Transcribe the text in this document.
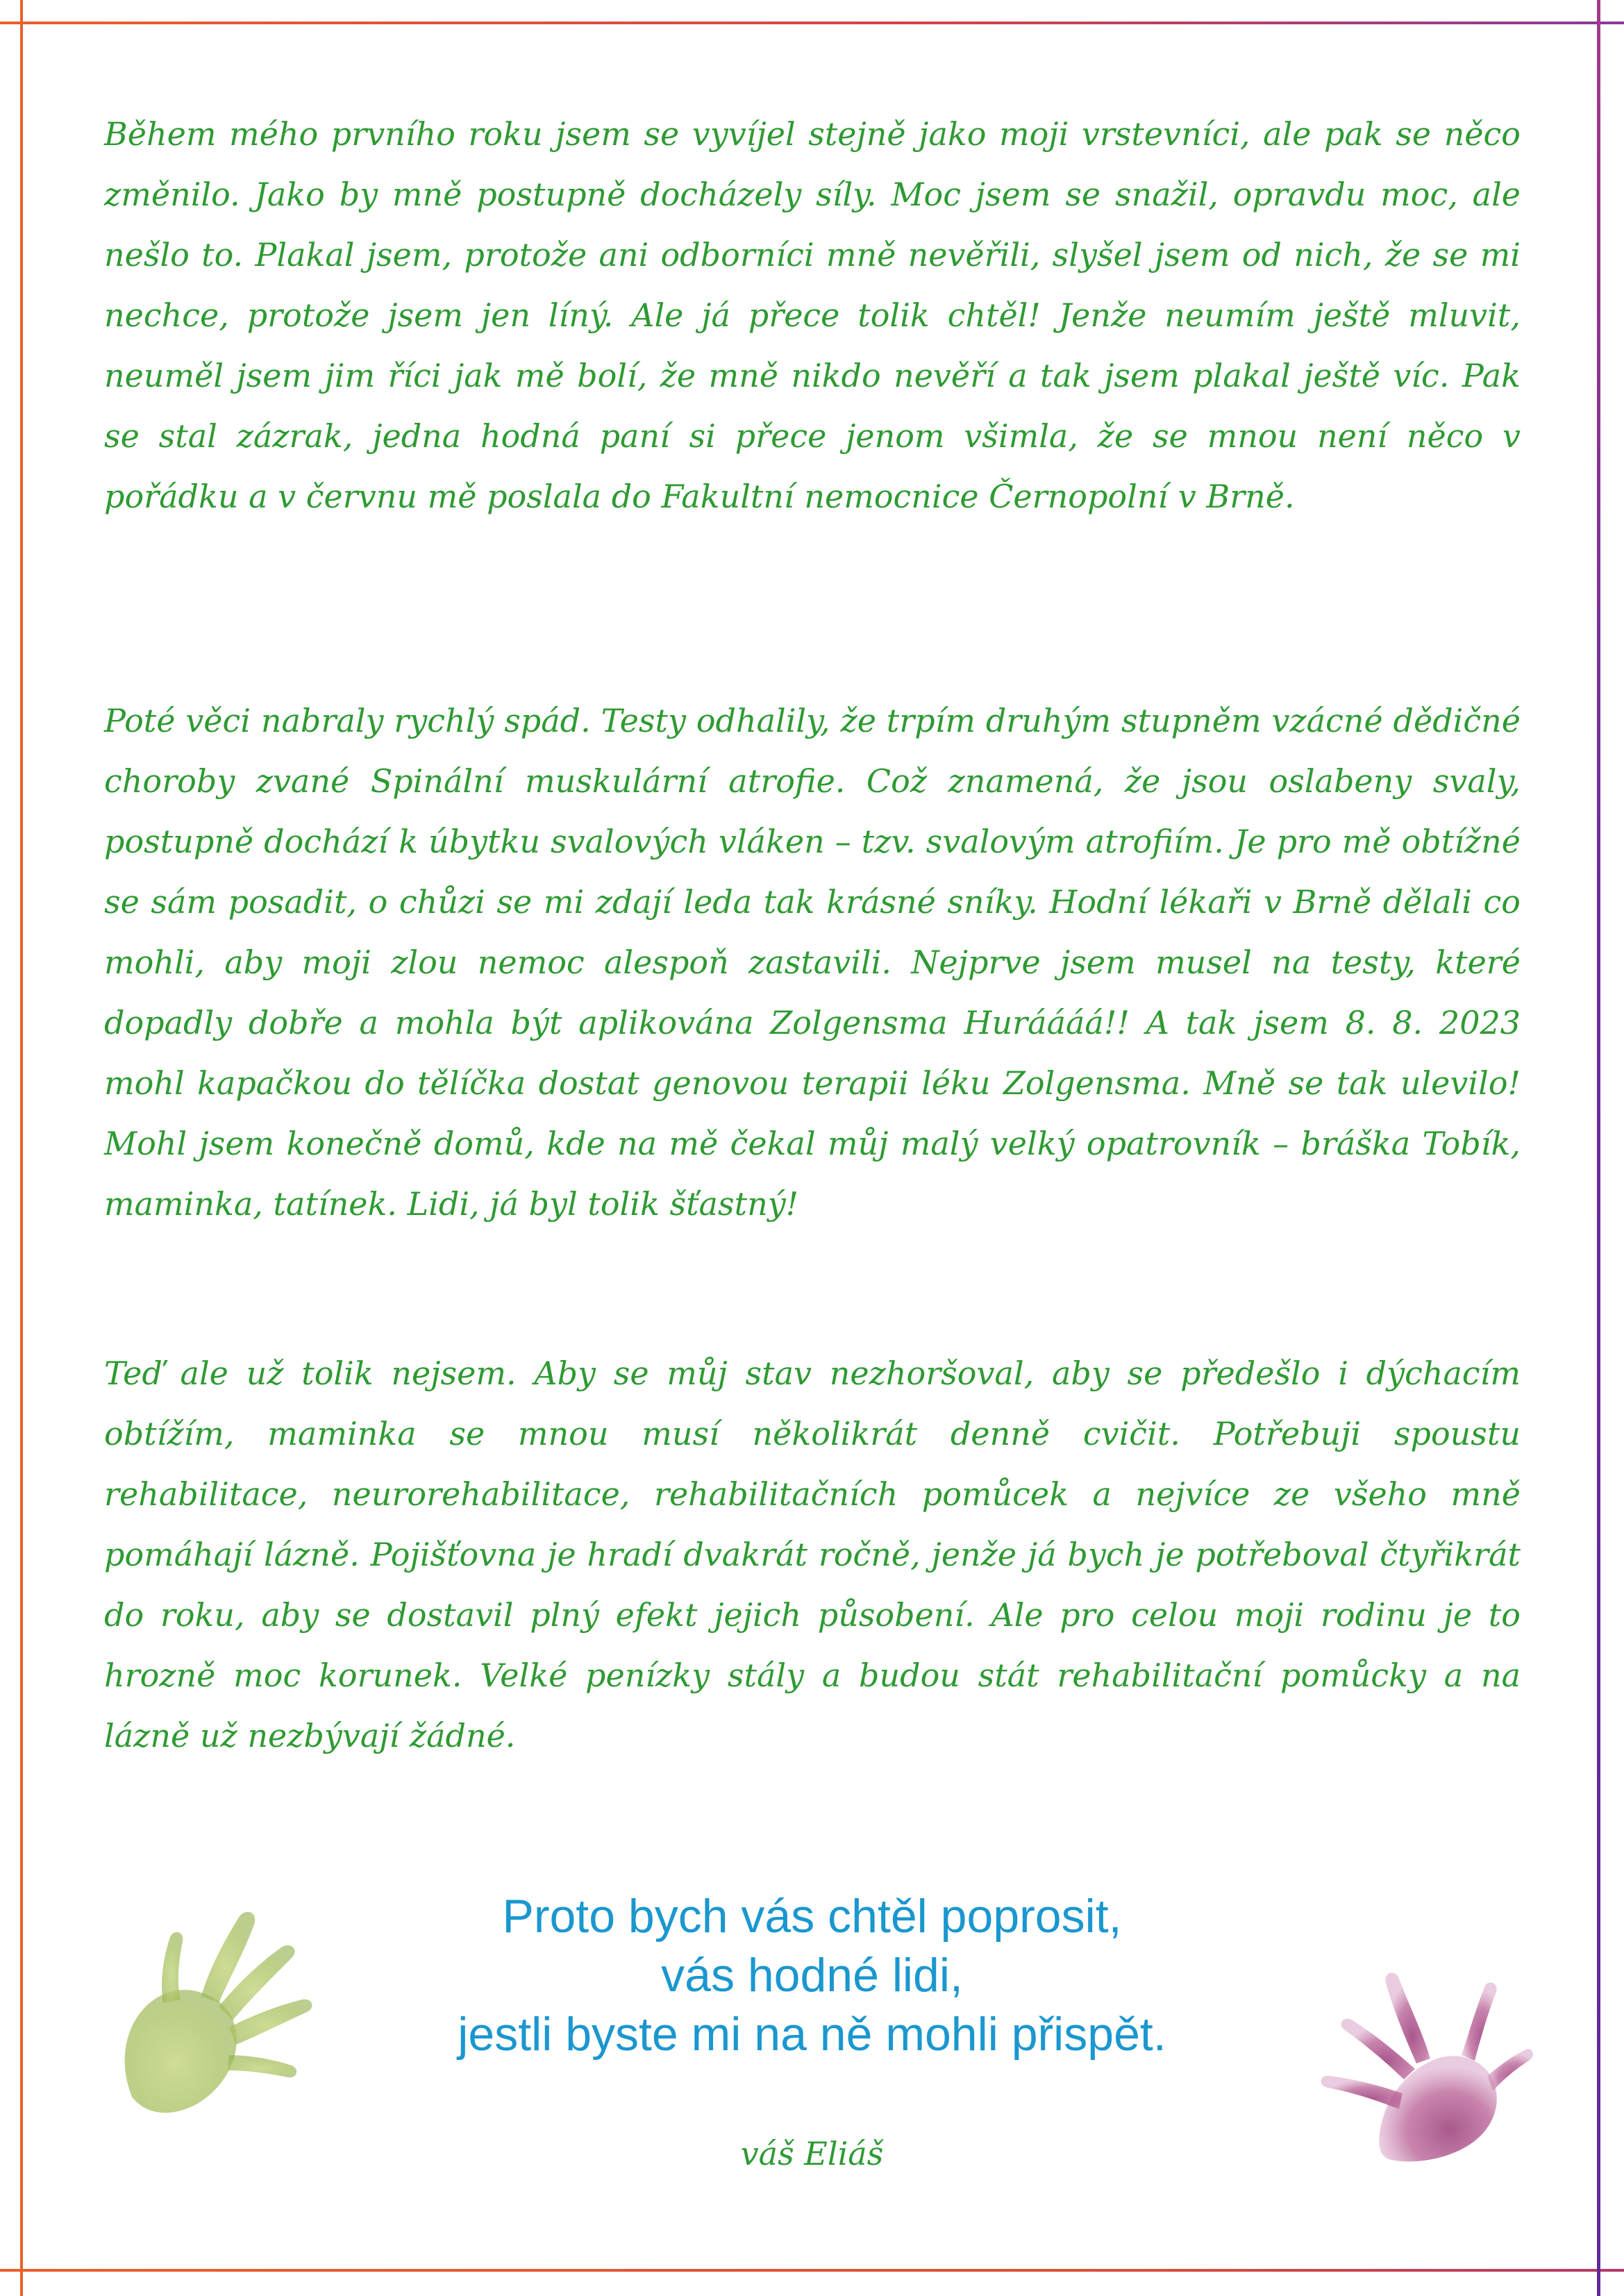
Během mého prvního roku jsem se vyvíjel stejně jako moji vrstevníci, ale pak se něco změnilo. Jako by mně postupně docházely síly. Moc jsem se snažil, opravdu moc, ale nešlo to. Plakal jsem, protože ani odborníci mně nevěřili, slyšel jsem od nich, že se mi nechce, protože jsem jen líný. Ale já přece tolik chtěl! Jenže neumím ještě mluvit, neuměl jsem jim říci jak mě bolí, že mně nikdo nevěří a tak jsem plakal ještě víc. Pak se stal zázrak, jedna hodná paní si přece jenom všimla, že se mnou není něco v pořádku a v červnu mě poslala do Fakultní nemocnice Černopolní v Brně.

Poté věci nabraly rychlý spád. Testy odhalily, že trpím druhým stupněm vzácné dědičné choroby zvané Spinální muskulární atrofie. Což znamená, že jsou oslabeny svaly, postupně dochází k úbytku svalových vláken – tzv. svalovým atrofiím. Je pro mě obtížné se sám posadit, o chůzi se mi zdají leda tak krásné sníky. Hodní lékaři v Brně dělali co mohli, aby moji zlou nemoc alespoň zastavili. Nejprve jsem musel na testy, které dopadly dobře a mohla být aplikována Zolgensma Huráááá!! A tak jsem 8. 8. 2023 mohl kapačkou do tělíčka dostat genovou terapii léku Zolgensma. Mně se tak ulevilo! Mohl jsem konečně domů, kde na mě čekal můj malý velký opatrovník – bráška Tobík, maminka, tatínek. Lidi, já byl tolik šťastný!

Teď ale už tolik nejsem. Aby se můj stav nezhoršoval, aby se předešlo i dýchacím obtížím, maminka se mnou musí několikrát denně cvičit. Potřebuji spoustu rehabilitace, neurorehabilitace, rehabilitačních pomůcek a nejvíce ze všeho mně pomáhají lázně. Pojišťovna je hradí dvakrát ročně, jenže já bych je potřeboval čtyřikrát do roku, aby se dostavil plný efekt jejich působení. Ale pro celou moji rodinu je to hrozně moc korunek. Velké penízky stály a budou stát rehabilitační pomůcky a na lázně už nezbývají žádné.

Proto bych vás chtěl poprosit,

vás hodné lidi,

jestli byste mi na ně mohli přispět.

váš Eliáš
